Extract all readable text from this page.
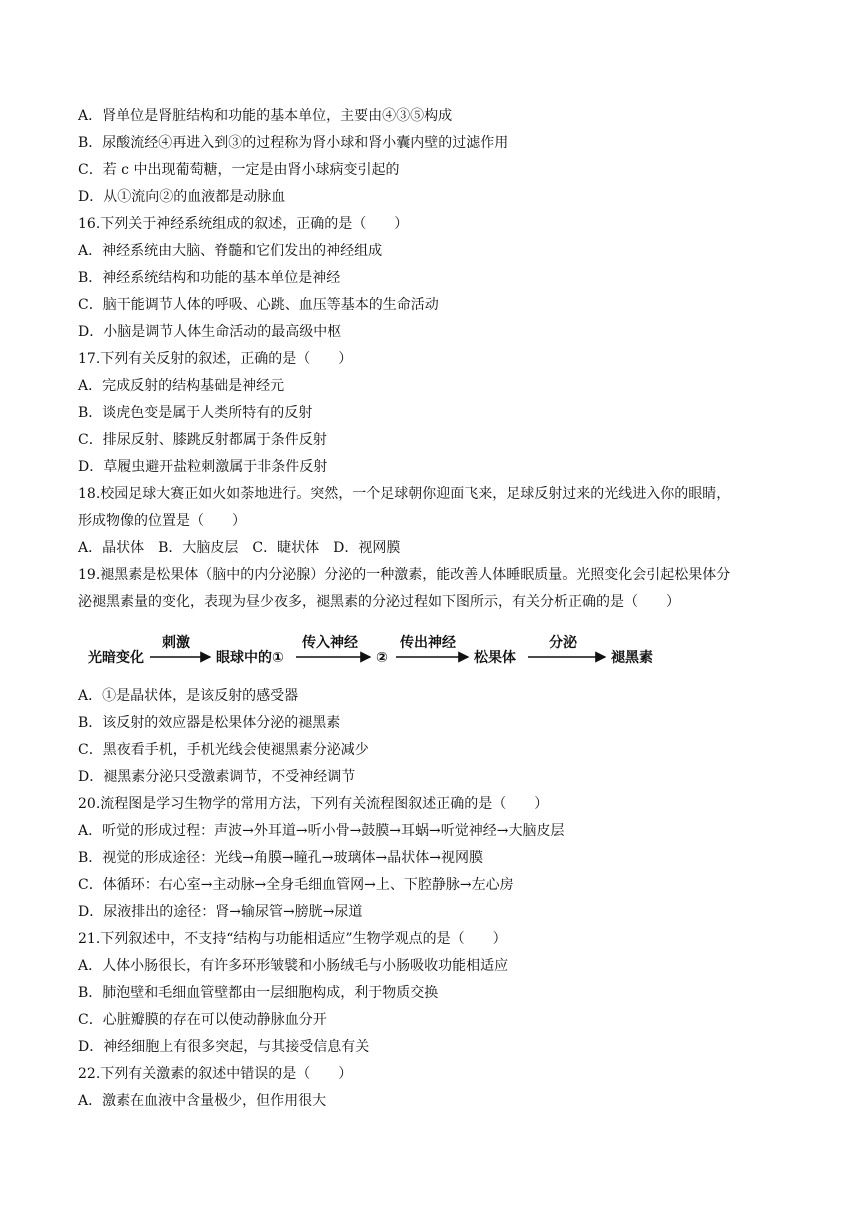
A．肾单位是肾脏结构和功能的基本单位，主要由④③⑤构成
B．尿酸流经④再进入到③的过程称为肾小球和肾小囊内壁的过滤作用
C．若 c 中出现葡萄糖，一定是由肾小球病变引起的
D．从①流向②的血液都是动脉血
16.下列关于神经系统组成的叙述，正确的是（　　）
A．神经系统由大脑、脊髓和它们发出的神经组成
B．神经系统结构和功能的基本单位是神经
C．脑干能调节人体的呼吸、心跳、血压等基本的生命活动
D．小脑是调节人体生命活动的最高级中枢
17.下列有关反射的叙述，正确的是（　　）
A．完成反射的结构基础是神经元
B．谈虎色变是属于人类所特有的反射
C．排尿反射、膝跳反射都属于条件反射
D．草履虫避开盐粒刺激属于非条件反射
18.校园足球大赛正如火如荼地进行。突然，一个足球朝你迎面飞来，足球反射过来的光线进入你的眼睛，
形成物像的位置是（　　）
A．晶状体　B．大脑皮层　C．睫状体　D．视网膜
19.褪黑素是松果体（脑中的内分泌腺）分泌的一种激素，能改善人体睡眠质量。光照变化会引起松果体分
泌褪黑素量的变化，表现为昼少夜多，褪黑素的分泌过程如下图所示，有关分析正确的是（　　）
光暗变化	眼球中的①	②	松果体	褪黑素
刺激	传入神经	传出神经	分泌
A．①是晶状体，是该反射的感受器
B．该反射的效应器是松果体分泌的褪黑素
C．黑夜看手机，手机光线会使褪黑素分泌减少
D．褪黑素分泌只受激素调节，不受神经调节
20.流程图是学习生物学的常用方法，下列有关流程图叙述正确的是（　　）
A．听觉的形成过程：声波→外耳道→听小骨→鼓膜→耳蜗→听觉神经→大脑皮层
B．视觉的形成途径：光线→角膜→瞳孔→玻璃体→晶状体→视网膜
C．体循环：右心室→主动脉→全身毛细血管网→上、下腔静脉→左心房
D．尿液排出的途径：肾→输尿管→膀胱→尿道
21.下列叙述中，不支持“结构与功能相适应”生物学观点的是（　　）
A．人体小肠很长，有许多环形皱襞和小肠绒毛与小肠吸收功能相适应
B．肺泡壁和毛细血管壁都由一层细胞构成，利于物质交换
C．心脏瓣膜的存在可以使动静脉血分开
D．神经细胞上有很多突起，与其接受信息有关
22.下列有关激素的叙述中错误的是（　　）
A．激素在血液中含量极少，但作用很大
